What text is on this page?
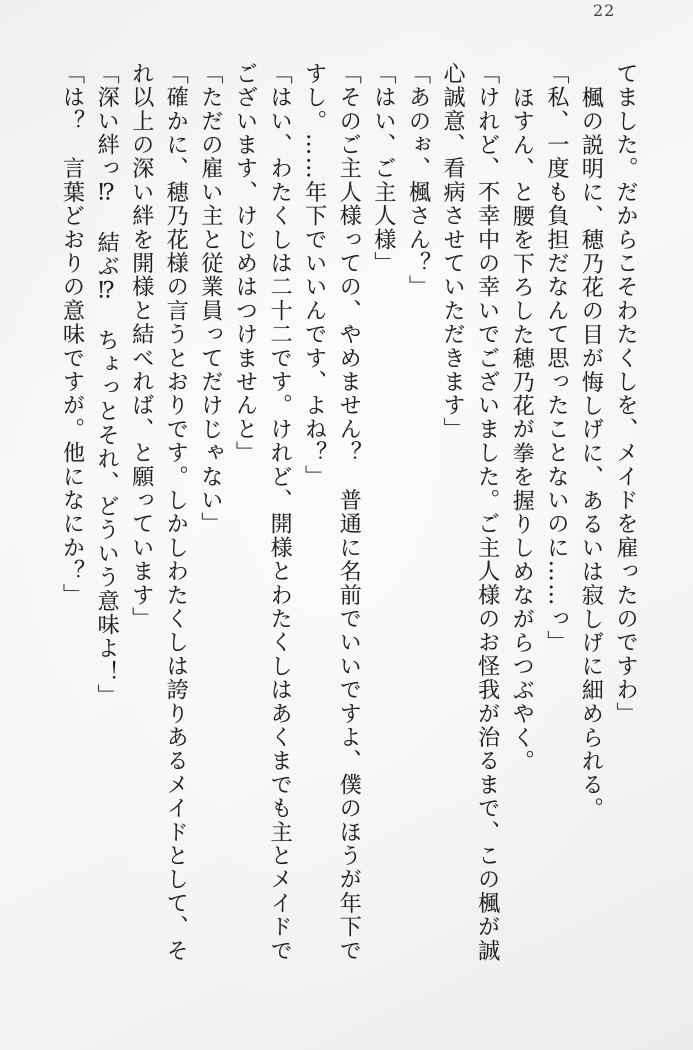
22
てました。だからこそわたくしを、メイドを雇ったのですわ」
楓の説明に、穂乃花の目が悔しげに、あるいは寂しげに細められる。
「私、一度も負担だなんて思ったことないのに……っ」
ほすん、と腰を下ろした穂乃花が拳を握りしめながらつぶやく。
「けれど、不幸中の幸いでございました。ご主人様のお怪我が治るまで、この楓が誠
心誠意、看病させていただきます」
「あのぉ、楓さん？」
「はい、ご主人様」
「そのご主人様っての、やめません？　普通に名前でいいですよ、僕のほうが年下で
すし。……年下でいいんです、よね？」
「はい、わたくしは二十二です。けれど、開様とわたくしはあくまでも主とメイドで
ございます、けじめはつけませんと」
「ただの雇い主と従業員ってだけじゃない」
「確かに、穂乃花様の言うとおりです。しかしわたくしは誇りあるメイドとして、そ
れ以上の深い絆を開様と結べれば、と願っています」
「深い絆っ⁉　結ぶ⁉　ちょっとそれ、どういう意味よ！」
「は？　言葉どおりの意味ですが。他になにか？」
